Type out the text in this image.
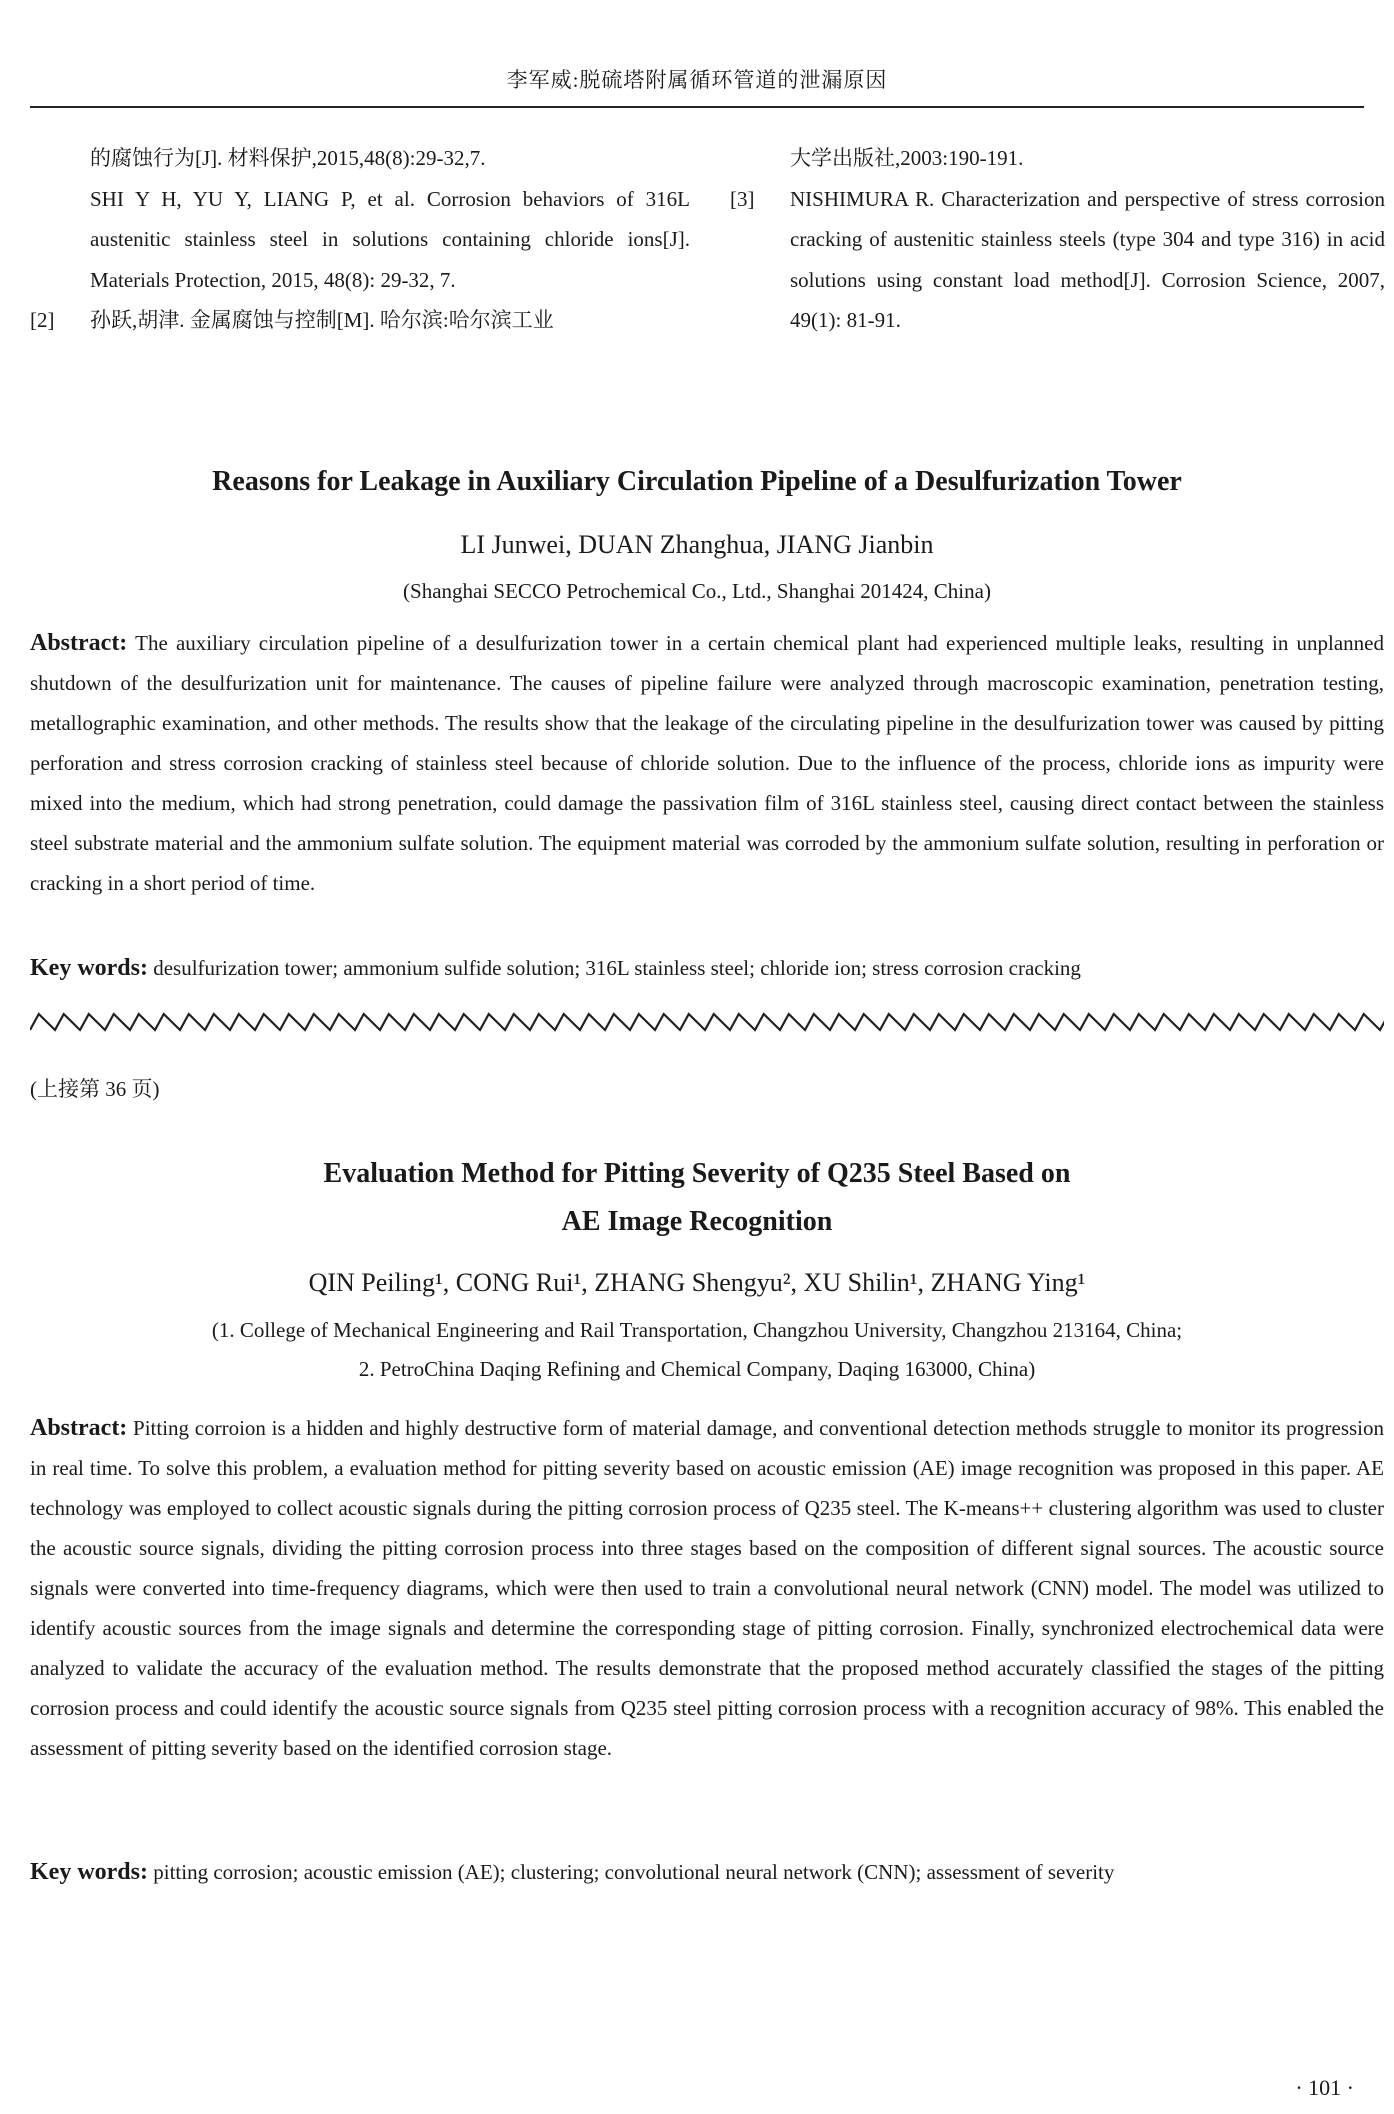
李军威:脱硫塔附属循环管道的泄漏原因
的腐蚀行为[J]. 材料保护,2015,48(8):29-32,7.
SHI Y H, YU Y, LIANG P, et al. Corrosion behaviors of 316L austenitic stainless steel in solutions containing chloride ions[J]. Materials Protection, 2015, 48(8): 29-32, 7.
[2] 孙跃,胡津. 金属腐蚀与控制[M]. 哈尔滨:哈尔滨工业
大学出版社,2003:190-191.
[3] NISHIMURA R. Characterization and perspective of stress corrosion cracking of austenitic stainless steels (type 304 and type 316) in acid solutions using constant load method[J]. Corrosion Science, 2007, 49(1): 81-91.
Reasons for Leakage in Auxiliary Circulation Pipeline of a Desulfurization Tower
LI Junwei, DUAN Zhanghua, JIANG Jianbin
(Shanghai SECCO Petrochemical Co., Ltd., Shanghai 201424, China)
Abstract: The auxiliary circulation pipeline of a desulfurization tower in a certain chemical plant had experienced multiple leaks, resulting in unplanned shutdown of the desulfurization unit for maintenance. The causes of pipeline failure were analyzed through macroscopic examination, penetration testing, metallographic examination, and other methods. The results show that the leakage of the circulating pipeline in the desulfurization tower was caused by pitting perforation and stress corrosion cracking of stainless steel because of chloride solution. Due to the influence of the process, chloride ions as impurity were mixed into the medium, which had strong penetration, could damage the passivation film of 316L stainless steel, causing direct contact between the stainless steel substrate material and the ammonium sulfate solution. The equipment material was corroded by the ammonium sulfate solution, resulting in perforation or cracking in a short period of time.
Key words: desulfurization tower; ammonium sulfide solution; 316L stainless steel; chloride ion; stress corrosion cracking
(上接第 36 页)
Evaluation Method for Pitting Severity of Q235 Steel Based on
AE Image Recognition
QIN Peiling¹, CONG Rui¹, ZHANG Shengyu², XU Shilin¹, ZHANG Ying¹
(1. College of Mechanical Engineering and Rail Transportation, Changzhou University, Changzhou 213164, China;
2. PetroChina Daqing Refining and Chemical Company, Daqing 163000, China)
Abstract: Pitting corroion is a hidden and highly destructive form of material damage, and conventional detection methods struggle to monitor its progression in real time. To solve this problem, a evaluation method for pitting severity based on acoustic emission (AE) image recognition was proposed in this paper. AE technology was employed to collect acoustic signals during the pitting corrosion process of Q235 steel. The K-means++ clustering algorithm was used to cluster the acoustic source signals, dividing the pitting corrosion process into three stages based on the composition of different signal sources. The acoustic source signals were converted into time-frequency diagrams, which were then used to train a convolutional neural network (CNN) model. The model was utilized to identify acoustic sources from the image signals and determine the corresponding stage of pitting corrosion. Finally, synchronized electrochemical data were analyzed to validate the accuracy of the evaluation method. The results demonstrate that the proposed method accurately classified the stages of the pitting corrosion process and could identify the acoustic source signals from Q235 steel pitting corrosion process with a recognition accuracy of 98%. This enabled the assessment of pitting severity based on the identified corrosion stage.
Key words: pitting corrosion; acoustic emission (AE); clustering; convolutional neural network (CNN); assessment of severity
· 101 ·
